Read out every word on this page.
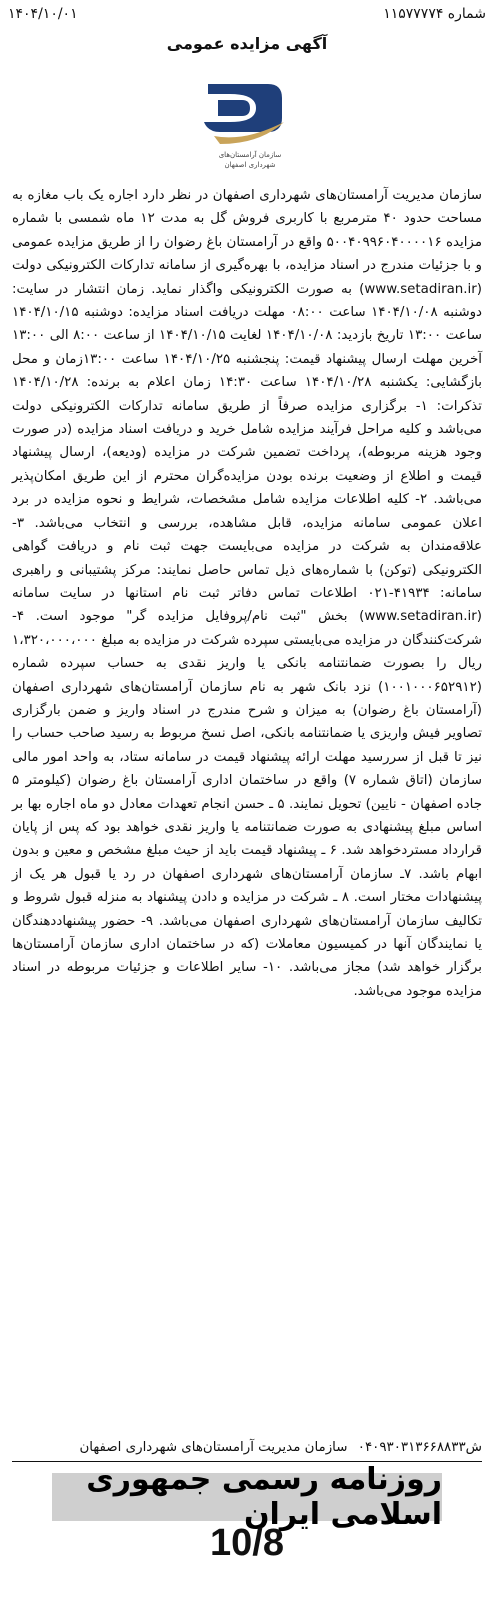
شماره ۱۱۵۷۷۷۷۴
۱۴۰۴/۱۰/۰۱
آگهی مزایده عمومی
سازمان آرامستان‌های شهرداری اصفهان
سازمان مدیریت آرامستان‌های شهرداری اصفهان در نظر دارد اجاره یک باب مغازه به مساحت حدود ۴۰ مترمربع با کاربری فروش گل به مدت ۱۲ ماه شمسی با شماره مزایده ۵۰۰۴۰۹۹۶۰۴۰۰۰۰۱۶ واقع در آرامستان باغ رضوان را از طریق مزایده عمومی و با جزئیات مندرج در اسناد مزایده، با بهره‌گیری از سامانه تدارکات الکترونیکی دولت (www.setadiran.ir) به صورت الکترونیکی واگذار نماید. زمان انتشار در سایت: دوشنبه ۱۴۰۴/۱۰/۰۸ ساعت ۰۸:۰۰ مهلت دریافت اسناد مزایده: دوشنبه ۱۴۰۴/۱۰/۱۵ ساعت ۱۳:۰۰ تاریخ بازدید: ۱۴۰۴/۱۰/۰۸ لغایت ۱۴۰۴/۱۰/۱۵ از ساعت ۸:۰۰ الی ۱۳:۰۰ آخرین مهلت ارسال پیشنهاد قیمت: پنجشنبه ۱۴۰۴/۱۰/۲۵ ساعت ۱۳:۰۰زمان و محل بازگشایی: یکشنبه ۱۴۰۴/۱۰/۲۸ ساعت ۱۴:۳۰ زمان اعلام به برنده: ۱۴۰۴/۱۰/۲۸ تذکرات: ۱- برگزاری مزایده صرفاً از طریق سامانه تدارکات الکترونیکی دولت می‌باشد و کلیه مراحل فرآیند مزایده شامل خرید و دریافت اسناد مزایده (در صورت وجود هزینه مربوطه)، پرداخت تضمین شرکت در مزایده (ودیعه)، ارسال پیشنهاد قیمت و اطلاع از وضعیت برنده بودن مزایده‌گران محترم از این طریق امکان‌پذیر می‌باشد. ۲- کلیه اطلاعات مزایده شامل مشخصات، شرایط و نحوه مزایده در برد اعلان عمومی سامانه مزایده، قابل مشاهده، بررسی و انتخاب می‌باشد. ۳- علاقه‌مندان به شرکت در مزایده می‌بایست جهت ثبت نام و دریافت گواهی الکترونیکی (توکن) با شماره‌های ذیل تماس حاصل نمایند: مرکز پشتیبانی و راهبری سامانه: ۴۱۹۳۴-۰۲۱ اطلاعات تماس دفاتر ثبت نام استانها در سایت سامانه (www.setadiran.ir) بخش "ثبت نام/پروفایل مزایده گر" موجود است. ۴- شرکت‌کنندگان در مزایده می‌بایستی سپرده شرکت در مزایده به مبلغ ۱،۳۲۰،۰۰۰،۰۰۰ ریال را بصورت ضمانتنامه بانکی یا واریز نقدی به حساب سپرده شماره (۱۰۰۱۰۰۰۶۵۲۹۱۲) نزد بانک شهر به نام سازمان آرامستان‌های شهرداری اصفهان (آرامستان باغ رضوان) به میزان و شرح مندرج در اسناد واریز و ضمن بارگزاری تصاویر فیش واریزی یا ضمانتنامه بانکی، اصل نسخ مربوط به رسید صاحب حساب را نیز تا قبل از سررسید مهلت ارائه پیشنهاد قیمت در سامانه ستاد، به واحد امور مالی سازمان (اتاق شماره ۷) واقع در ساختمان اداری آرامستان باغ رضوان (کیلومتر ۵ جاده اصفهان - نایین) تحویل نمایند. ۵ ـ حسن انجام تعهدات معادل دو ماه اجاره بها بر اساس مبلغ پیشنهادی به صورت ضمانتنامه یا واریز نقدی خواهد بود که پس از پایان قرارداد مسترد‌خواهد شد. ۶ ـ پیشنهاد قیمت باید از حیث مبلغ مشخص و معین و بدون ابهام باشد. ۷ـ سازمان آرامستان‌های شهرداری اصفهان در رد یا قبول هر یک از پیشنهادات مختار است. ۸ ـ شرکت در مزایده و دادن پیشنهاد به منزله قبول شروط و تکالیف سازمان آرامستان‌های شهرداری اصفهان می‌باشد. ۹- حضور پیشنهاددهندگان یا نمایندگان آنها در کمیسیون معاملات (که در ساختمان اداری سازمان آرامستان‌ها برگزار خواهد شد) مجاز می‌باشد. ۱۰- سایر اطلاعات و جزئیات مربوطه در اسناد مزایده موجود می‌باشد.
ش۰۴۰۹۳۰۳۱۳۶۶۸۸۳۳ سازمان مدیریت آرامستان‌های شهرداری اصفهان
روزنامه رسمی جمهوری اسلامی ایران
10/8
